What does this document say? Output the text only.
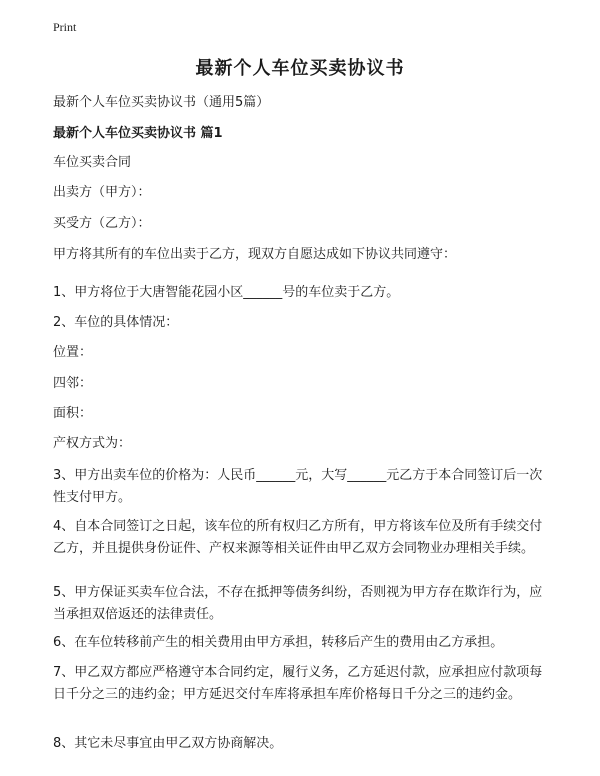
Print
最新个人车位买卖协议书
最新个人车位买卖协议书（通用5篇）
最新个人车位买卖协议书 篇1
车位买卖合同
出卖方（甲方）：
买受方（乙方）：
甲方将其所有的车位出卖于乙方，现双方自愿达成如下协议共同遵守：
1、甲方将位于大唐智能花园小区______号的车位卖于乙方。
2、车位的具体情况：
位置：
四邻：
面积：
产权方式为：
3、甲方出卖车位的价格为：人民币______元，大写______元乙方于本合同签订后一次性支付甲方。
4、自本合同签订之日起，该车位的所有权归乙方所有，甲方将该车位及所有手续交付乙方，并且提供身份证件、产权来源等相关证件由甲乙双方会同物业办理相关手续。
5、甲方保证买卖车位合法，不存在抵押等债务纠纷，否则视为甲方存在欺诈行为，应当承担双倍返还的法律责任。
6、在车位转移前产生的相关费用由甲方承担，转移后产生的费用由乙方承担。
7、甲乙双方都应严格遵守本合同约定，履行义务，乙方延迟付款，应承担应付款项每日千分之三的违约金；甲方延迟交付车库将承担车库价格每日千分之三的违约金。
8、其它未尽事宜由甲乙双方协商解决。
